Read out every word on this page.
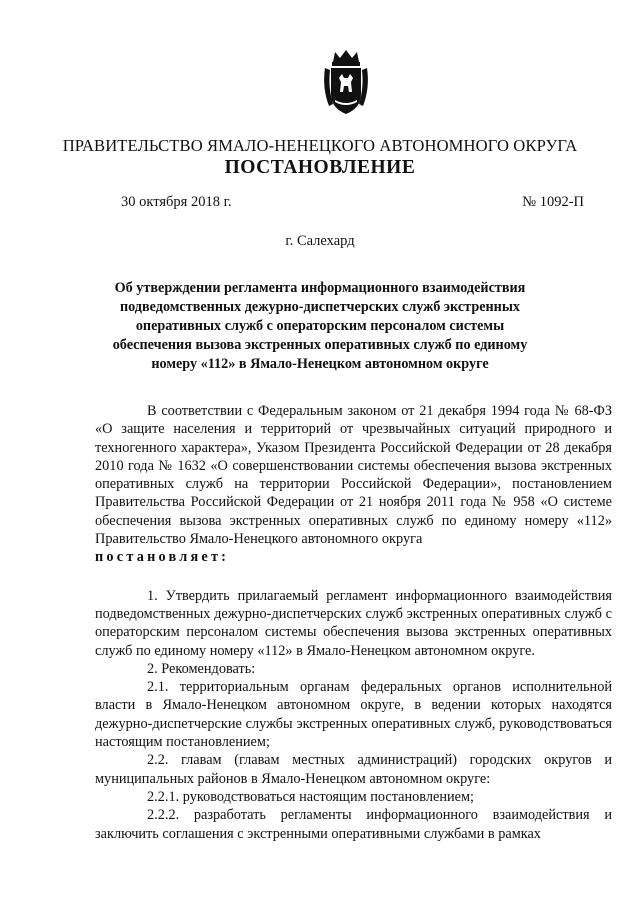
ПРАВИТЕЛЬСТВО ЯМАЛО-НЕНЕЦКОГО АВТОНОМНОГО ОКРУГА
ПОСТАНОВЛЕНИЕ
30 октября 2018 г.	№ 1092-П
г. Салехард
Об утверждении регламента информационного взаимодействия подведомственных дежурно-диспетчерских служб экстренных оперативных служб с операторским персоналом системы обеспечения вызова экстренных оперативных служб по единому номеру «112» в Ямало-Ненецком автономном округе

В соответствии с Федеральным законом от 21 декабря 1994 года № 68-ФЗ «О защите населения и территорий от чрезвычайных ситуаций природного и техногенного характера», Указом Президента Российской Федерации от 28 декабря 2010 года № 1632 «О совершенствовании системы обеспечения вызова экстренных оперативных служб на территории Российской Федерации», постановлением Правительства Российской Федерации от 21 ноября 2011 года № 958 «О системе обеспечения вызова экстренных оперативных служб по единому номеру «112» Правительство Ямало-Ненецкого автономного округа

постановляет:

1. Утвердить прилагаемый регламент информационного взаимодействия подведомственных дежурно-диспетчерских служб экстренных оперативных служб с операторским персоналом системы обеспечения вызова экстренных оперативных служб по единому номеру «112» в Ямало-Ненецком автономном округе.

2. Рекомендовать:

2.1. территориальным органам федеральных органов исполнительной власти в Ямало-Ненецком автономном округе, в ведении которых находятся дежурно-диспетчерские службы экстренных оперативных служб, руководствоваться настоящим постановлением;

2.2. главам (главам местных администраций) городских округов и муниципальных районов в Ямало-Ненецком автономном округе:

2.2.1. руководствоваться настоящим постановлением;

2.2.2. разработать регламенты информационного взаимодействия и заключить соглашения с экстренными оперативными службами в рамках
